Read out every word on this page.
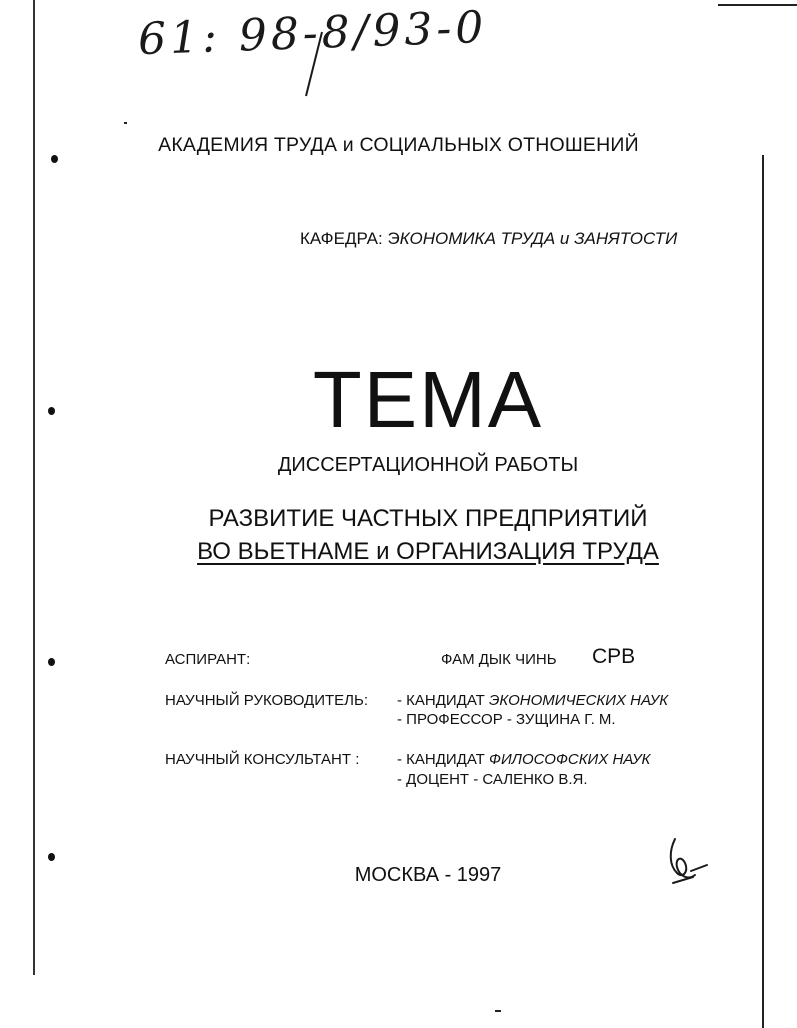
61: 98-8/93-0
АКАДЕМИЯ ТРУДА и СОЦИАЛЬНЫХ ОТНОШЕНИЙ
КАФЕДРА: ЭКОНОМИКА ТРУДА и ЗАНЯТОСТИ
ТЕМА
ДИССЕРТАЦИОННОЙ РАБОТЫ
РАЗВИТИЕ ЧАСТНЫХ ПРЕДПРИЯТИЙ
ВО ВЬЕТНАМЕ и ОРГАНИЗАЦИЯ ТРУДА
АСПИРАНТ:	ФАМ ДЫК ЧИНЬ СРВ
НАУЧНЫЙ РУКОВОДИТЕЛЬ: - КАНДИДАТ ЭКОНОМИЧЕСКИХ НАУК
- ПРОФЕССОР - ЗУЩИНА Г. М.
НАУЧНЫЙ КОНСУЛЬТАНТ :	- КАНДИДАТ ФИЛОСОФСКИХ НАУК
- ДОЦЕНТ - САЛЕНКО В.Я.
МОСКВА - 1997
